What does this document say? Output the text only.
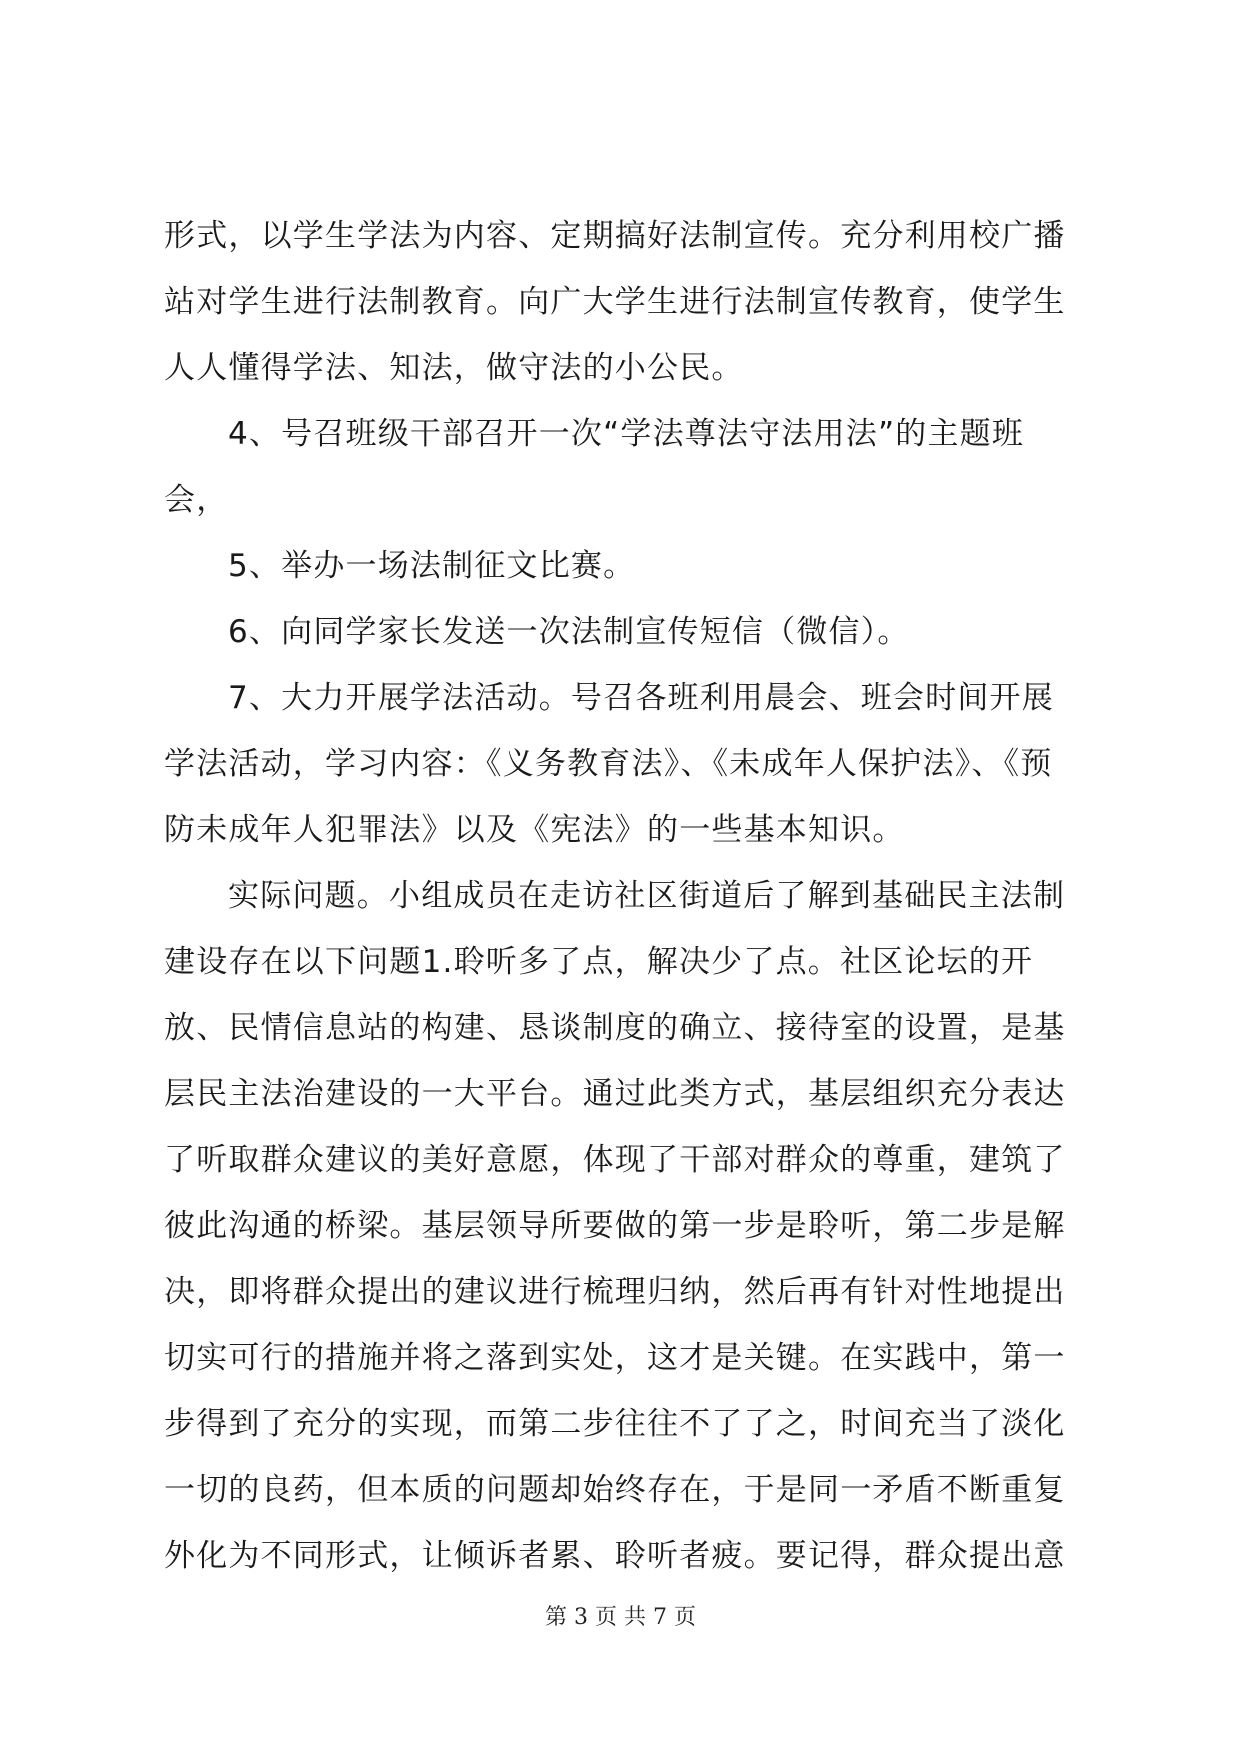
形式，以学生学法为内容、定期搞好法制宣传。充分利用校广播
站对学生进行法制教育。向广大学生进行法制宣传教育，使学生
人人懂得学法、知法，做守法的小公民。
4、号召班级干部召开一次“学法尊法守法用法”的主题班
会，
5、举办一场法制征文比赛。
6、向同学家长发送一次法制宣传短信（微信）。
7、大力开展学法活动。号召各班利用晨会、班会时间开展
学法活动，学习内容：《义务教育法》、《未成年人保护法》、《预
防未成年人犯罪法》以及《宪法》的一些基本知识。
实际问题。小组成员在走访社区街道后了解到基础民主法制
建设存在以下问题1.聆听多了点，解决少了点。社区论坛的开
放、民情信息站的构建、恳谈制度的确立、接待室的设置，是基
层民主法治建设的一大平台。通过此类方式，基层组织充分表达
了听取群众建议的美好意愿，体现了干部对群众的尊重，建筑了
彼此沟通的桥梁。基层领导所要做的第一步是聆听，第二步是解
决，即将群众提出的建议进行梳理归纳，然后再有针对性地提出
切实可行的措施并将之落到实处，这才是关键。在实践中，第一
步得到了充分的实现，而第二步往往不了了之，时间充当了淡化
一切的良药，但本质的问题却始终存在，于是同一矛盾不断重复
外化为不同形式，让倾诉者累、聆听者疲。要记得，群众提出意
第 3 页 共 7 页
